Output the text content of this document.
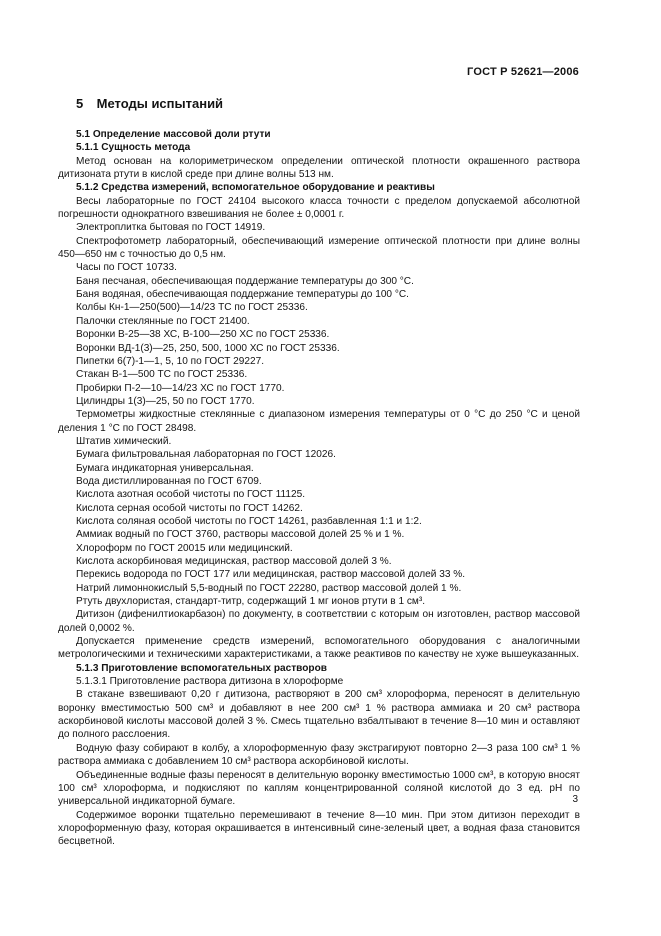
ГОСТ Р 52621—2006
5 Методы испытаний
5.1 Определение массовой доли ртути
5.1.1 Сущность метода
Метод основан на колориметрическом определении оптической плотности окрашенного раствора дитизоната ртути в кислой среде при длине волны 513 нм.
5.1.2 Средства измерений, вспомогательное оборудование и реактивы
Весы лабораторные по ГОСТ 24104 высокого класса точности с пределом допускаемой абсолютной погрешности однократного взвешивания не более ± 0,0001 г.
Электроплитка бытовая по ГОСТ 14919.
Спектрофотометр лабораторный, обеспечивающий измерение оптической плотности при длине волны 450—650 нм с точностью до 0,5 нм.
Часы по ГОСТ 10733.
Баня песчаная, обеспечивающая поддержание температуры до 300 °С.
Баня водяная, обеспечивающая поддержание температуры до 100 °С.
Колбы Кн-1—250(500)—14/23 ТС по ГОСТ 25336.
Палочки стеклянные по ГОСТ 21400.
Воронки В-25—38 ХС, В-100—250 ХС по ГОСТ 25336.
Воронки ВД-1(3)—25, 250, 500, 1000 ХС по ГОСТ 25336.
Пипетки 6(7)-1—1, 5, 10 по ГОСТ 29227.
Стакан В-1—500 ТС по ГОСТ 25336.
Пробирки П-2—10—14/23 ХС по ГОСТ 1770.
Цилиндры 1(3)—25, 50 по ГОСТ 1770.
Термометры жидкостные стеклянные с диапазоном измерения температуры от 0 °С до 250 °С и ценой деления 1 °С по ГОСТ 28498.
Штатив химический.
Бумага фильтровальная лабораторная по ГОСТ 12026.
Бумага индикаторная универсальная.
Вода дистиллированная по ГОСТ 6709.
Кислота азотная особой чистоты по ГОСТ 11125.
Кислота серная особой чистоты по ГОСТ 14262.
Кислота соляная особой чистоты по ГОСТ 14261, разбавленная 1:1 и 1:2.
Аммиак водный по ГОСТ 3760, растворы массовой долей 25 % и 1 %.
Хлороформ по ГОСТ 20015 или медицинский.
Кислота аскорбиновая медицинская, раствор массовой долей 3 %.
Перекись водорода по ГОСТ 177 или медицинская, раствор массовой долей 33 %.
Натрий лимоннокислый 5,5-водный по ГОСТ 22280, раствор массовой долей 1 %.
Ртуть двухлористая, стандарт-титр, содержащий 1 мг ионов ртути в 1 см³.
Дитизон (дифенилтиокарбазон) по документу, в соответствии с которым он изготовлен, раствор массовой долей 0,0002 %.
Допускается применение средств измерений, вспомогательного оборудования с аналогичными метрологическими и техническими характеристиками, а также реактивов по качеству не хуже вышеуказанных.
5.1.3 Приготовление вспомогательных растворов
5.1.3.1 Приготовление раствора дитизона в хлороформе
В стакане взвешивают 0,20 г дитизона, растворяют в 200 см³ хлороформа, переносят в делительную воронку вместимостью 500 см³ и добавляют в нее 200 см³ 1 % раствора аммиака и 20 см³ раствора аскорбиновой кислоты массовой долей 3 %. Смесь тщательно взбалтывают в течение 8—10 мин и оставляют до полного расслоения.
Водную фазу собирают в колбу, а хлороформенную фазу экстрагируют повторно 2—3 раза 100 см³ 1 % раствора аммиака с добавлением 10 см³ раствора аскорбиновой кислоты.
Объединенные водные фазы переносят в делительную воронку вместимостью 1000 см³, в которую вносят 100 см³ хлороформа, и подкисляют по каплям концентрированной соляной кислотой до 3 ед. рН по универсальной индикаторной бумаге.
Содержимое воронки тщательно перемешивают в течение 8—10 мин. При этом дитизон переходит в хлороформенную фазу, которая окрашивается в интенсивный сине-зеленый цвет, а водная фаза становится бесцветной.
3
